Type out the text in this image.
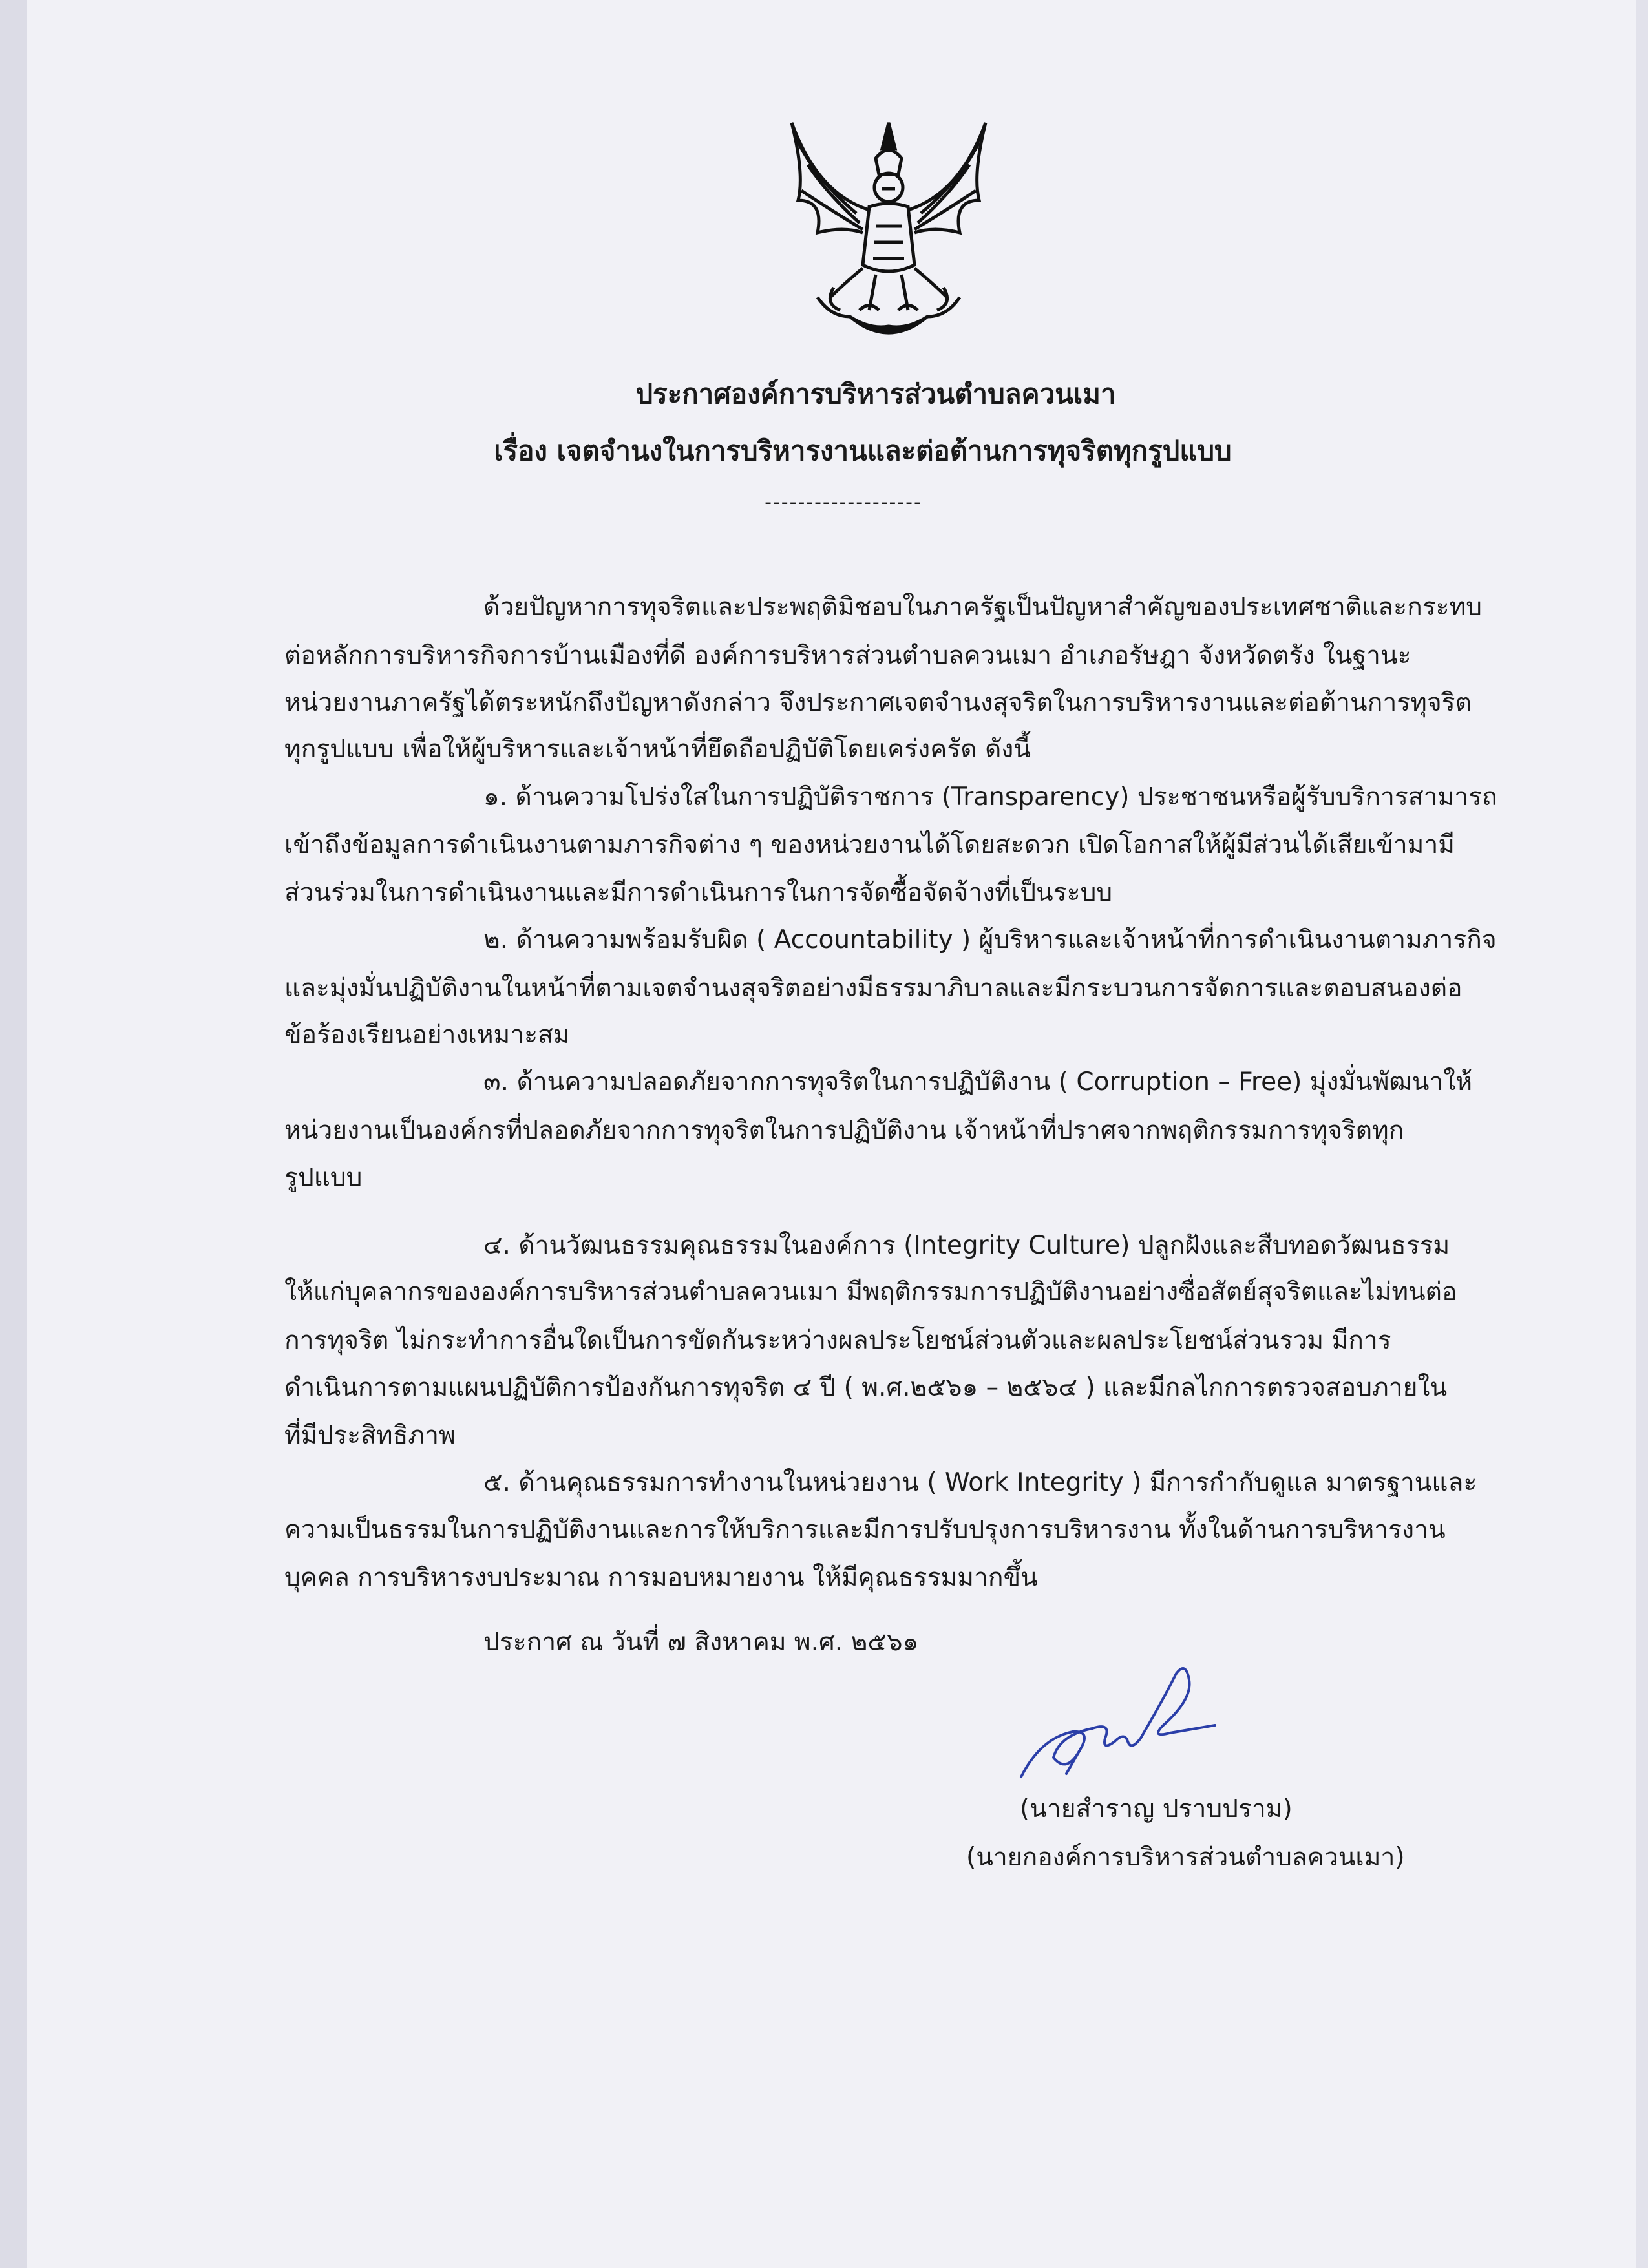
ประกาศองค์การบริหารส่วนตำบลควนเมา
เรื่อง เจตจำนงในการบริหารงานและต่อต้านการทุจริตทุกรูปแบบ
-------------------
ด้วยปัญหาการทุจริตและประพฤติมิชอบในภาครัฐเป็นปัญหาสำคัญของประเทศชาติและกระทบ
ต่อหลักการบริหารกิจการบ้านเมืองที่ดี องค์การบริหารส่วนตำบลควนเมา อำเภอรัษฎา จังหวัดตรัง ในฐานะ
หน่วยงานภาครัฐได้ตระหนักถึงปัญหาดังกล่าว จึงประกาศเจตจำนงสุจริตในการบริหารงานและต่อต้านการทุจริต
ทุกรูปแบบ เพื่อให้ผู้บริหารและเจ้าหน้าที่ยึดถือปฏิบัติโดยเคร่งครัด ดังนี้
๑. ด้านความโปร่งใสในการปฏิบัติราชการ (Transparency) ประชาชนหรือผู้รับบริการสามารถ
เข้าถึงข้อมูลการดำเนินงานตามภารกิจต่าง ๆ ของหน่วยงานได้โดยสะดวก เปิดโอกาสให้ผู้มีส่วนได้เสียเข้ามามี
ส่วนร่วมในการดำเนินงานและมีการดำเนินการในการจัดซื้อจัดจ้างที่เป็นระบบ
๒. ด้านความพร้อมรับผิด ( Accountability ) ผู้บริหารและเจ้าหน้าที่การดำเนินงานตามภารกิจ
และมุ่งมั่นปฏิบัติงานในหน้าที่ตามเจตจำนงสุจริตอย่างมีธรรมาภิบาลและมีกระบวนการจัดการและตอบสนองต่อ
ข้อร้องเรียนอย่างเหมาะสม
๓. ด้านความปลอดภัยจากการทุจริตในการปฏิบัติงาน ( Corruption – Free) มุ่งมั่นพัฒนาให้
หน่วยงานเป็นองค์กรที่ปลอดภัยจากการทุจริตในการปฏิบัติงาน เจ้าหน้าที่ปราศจากพฤติกรรมการทุจริตทุก
รูปแบบ
๔. ด้านวัฒนธรรมคุณธรรมในองค์การ (Integrity Culture) ปลูกฝังและสืบทอดวัฒนธรรม
ให้แก่บุคลากรขององค์การบริหารส่วนตำบลควนเมา มีพฤติกรรมการปฏิบัติงานอย่างซื่อสัตย์สุจริตและไม่ทนต่อ
การทุจริต ไม่กระทำการอื่นใดเป็นการขัดกันระหว่างผลประโยชน์ส่วนตัวและผลประโยชน์ส่วนรวม มีการ
ดำเนินการตามแผนปฏิบัติการป้องกันการทุจริต ๔ ปี ( พ.ศ.๒๕๖๑ – ๒๕๖๔ ) และมีกลไกการตรวจสอบภายใน
ที่มีประสิทธิภาพ
๕. ด้านคุณธรรมการทำงานในหน่วยงาน ( Work Integrity ) มีการกำกับดูแล มาตรฐานและ
ความเป็นธรรมในการปฏิบัติงานและการให้บริการและมีการปรับปรุงการบริหารงาน ทั้งในด้านการบริหารงาน
บุคคล การบริหารงบประมาณ การมอบหมายงาน ให้มีคุณธรรมมากขึ้น
ประกาศ ณ วันที่ ๗ สิงหาคม พ.ศ. ๒๕๖๑
(นายสำราญ ปราบปราม)
(นายกองค์การบริหารส่วนตำบลควนเมา)
